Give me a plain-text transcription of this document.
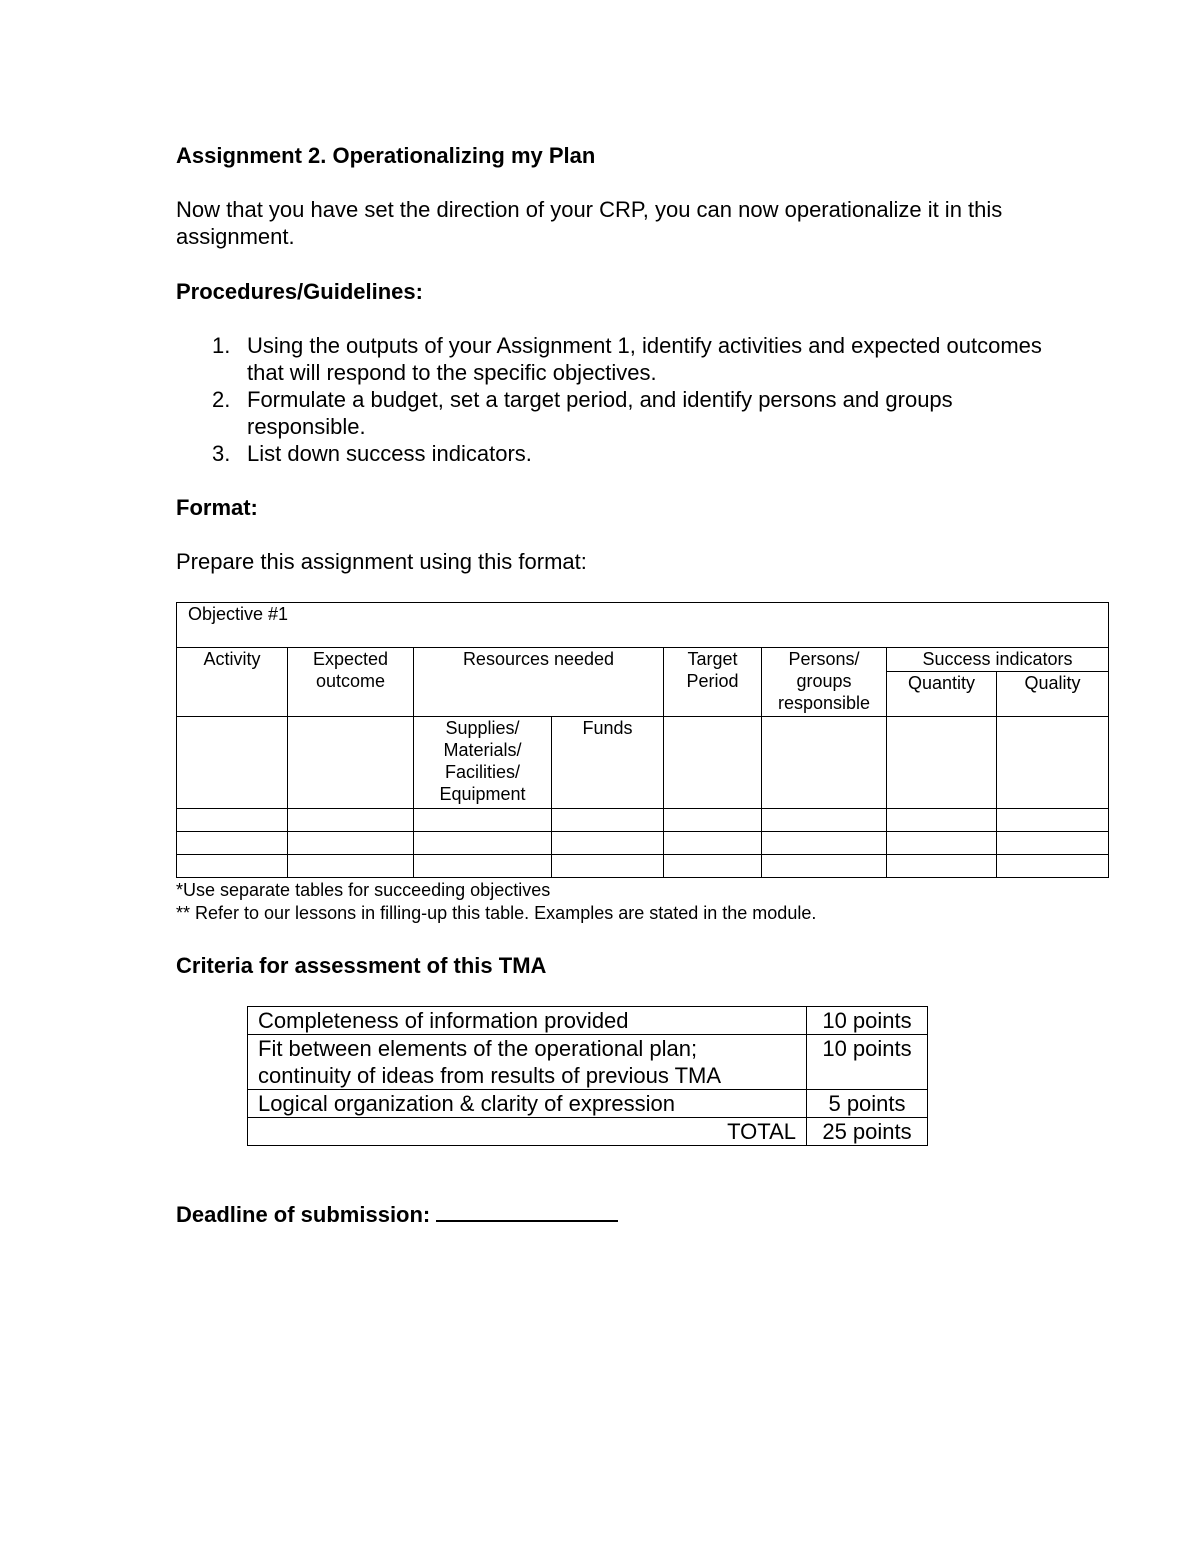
Assignment 2. Operationalizing my Plan
Now that you have set the direction of your CRP, you can now operationalize it in this assignment.
Procedures/Guidelines:
1. Using the outputs of your Assignment 1, identify activities and expected outcomes that will respond to the specific objectives.
2. Formulate a budget, set a target period, and identify persons and groups responsible.
3. List down success indicators.
Format:
Prepare this assignment using this format:
Objective #1							
Activity	Expected outcome	Resources needed		Target Period	Persons/ groups responsible	Success indicators	
						Quantity	Quality
		Supplies/ Materials/ Facilities/ Equipment	Funds				

*Use separate tables for succeeding objectives
** Refer to our lessons in filling-up this table. Examples are stated in the module.
Criteria for assessment of this TMA
Completeness of information provided	10 points
Fit between elements of the operational plan; continuity of ideas from results of previous TMA	10 points
Logical organization & clarity of expression	5 points
TOTAL	25 points
Deadline of submission:
